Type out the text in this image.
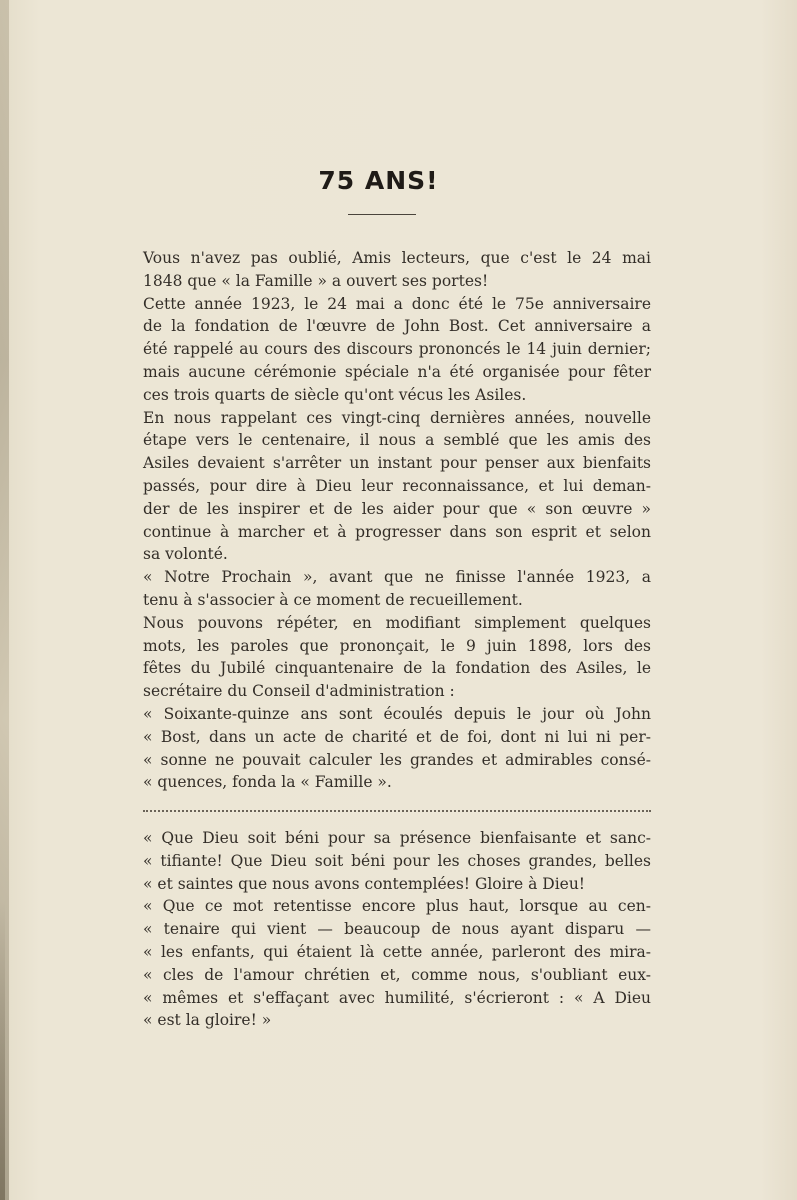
75 ANS!
Vous n'avez pas oublié, Amis lecteurs, que c'est le 24 mai
1848 que « la Famille » a ouvert ses portes!
Cette année 1923, le 24 mai a donc été le 75e anniversaire
de la fondation de l'œuvre de John Bost. Cet anniversaire a
été rappelé au cours des discours prononcés le 14 juin dernier;
mais aucune cérémonie spéciale n'a été organisée pour fêter
ces trois quarts de siècle qu'ont vécus les Asiles.
En nous rappelant ces vingt-cinq dernières années, nouvelle
étape vers le centenaire, il nous a semblé que les amis des
Asiles devaient s'arrêter un instant pour penser aux bienfaits
passés, pour dire à Dieu leur reconnaissance, et lui deman-
der de les inspirer et de les aider pour que « son œuvre »
continue à marcher et à progresser dans son esprit et selon
sa volonté.
« Notre Prochain », avant que ne finisse l'année 1923, a
tenu à s'associer à ce moment de recueillement.
Nous pouvons répéter, en modifiant simplement quelques
mots, les paroles que prononçait, le 9 juin 1898, lors des
fêtes du Jubilé cinquantenaire de la fondation des Asiles, le
secrétaire du Conseil d'administration :
« Soixante-quinze ans sont écoulés depuis le jour où John
« Bost, dans un acte de charité et de foi, dont ni lui ni per-
« sonne ne pouvait calculer les grandes et admirables consé-
« quences, fonda la « Famille ».
« Que Dieu soit béni pour sa présence bienfaisante et sanc-
« tifiante! Que Dieu soit béni pour les choses grandes, belles
« et saintes que nous avons contemplées! Gloire à Dieu!
« Que ce mot retentisse encore plus haut, lorsque au cen-
« tenaire qui vient — beaucoup de nous ayant disparu —
« les enfants, qui étaient là cette année, parleront des mira-
« cles de l'amour chrétien et, comme nous, s'oubliant eux-
« mêmes et s'effaçant avec humilité, s'écrieront : « A Dieu
« est la gloire! »
